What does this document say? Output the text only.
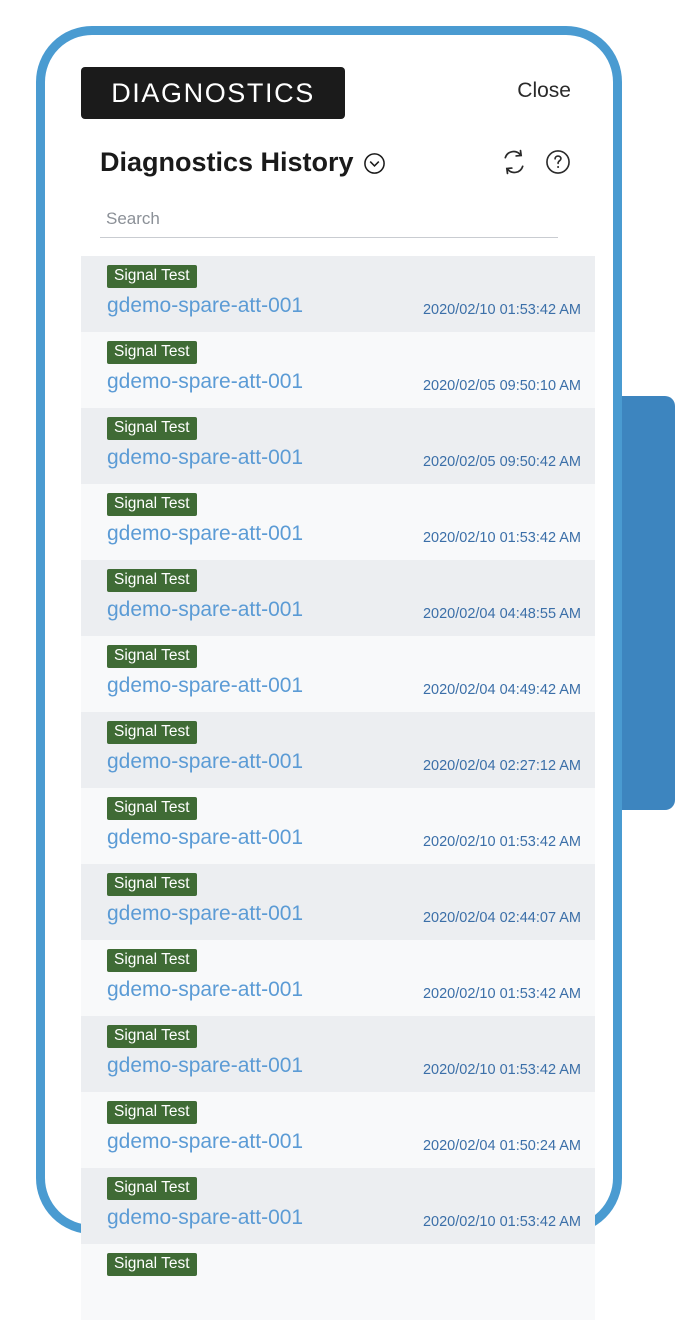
DIAGNOSTICS	Close
Diagnostics History
Search
Signal Test
gdemo-spare-att-001	2020/02/10 01:53:42 AM
Signal Test
gdemo-spare-att-001	2020/02/05 09:50:10 AM
Signal Test
gdemo-spare-att-001	2020/02/05 09:50:42 AM
Signal Test
gdemo-spare-att-001	2020/02/10 01:53:42 AM
Signal Test
gdemo-spare-att-001	2020/02/04 04:48:55 AM
Signal Test
gdemo-spare-att-001	2020/02/04 04:49:42 AM
Signal Test
gdemo-spare-att-001	2020/02/04 02:27:12 AM
Signal Test
gdemo-spare-att-001	2020/02/10 01:53:42 AM
Signal Test
gdemo-spare-att-001	2020/02/04 02:44:07 AM
Signal Test
gdemo-spare-att-001	2020/02/10 01:53:42 AM
Signal Test
gdemo-spare-att-001	2020/02/10 01:53:42 AM
Signal Test
gdemo-spare-att-001	2020/02/04 01:50:24 AM
Signal Test
gdemo-spare-att-001	2020/02/10 01:53:42 AM
Signal Test
